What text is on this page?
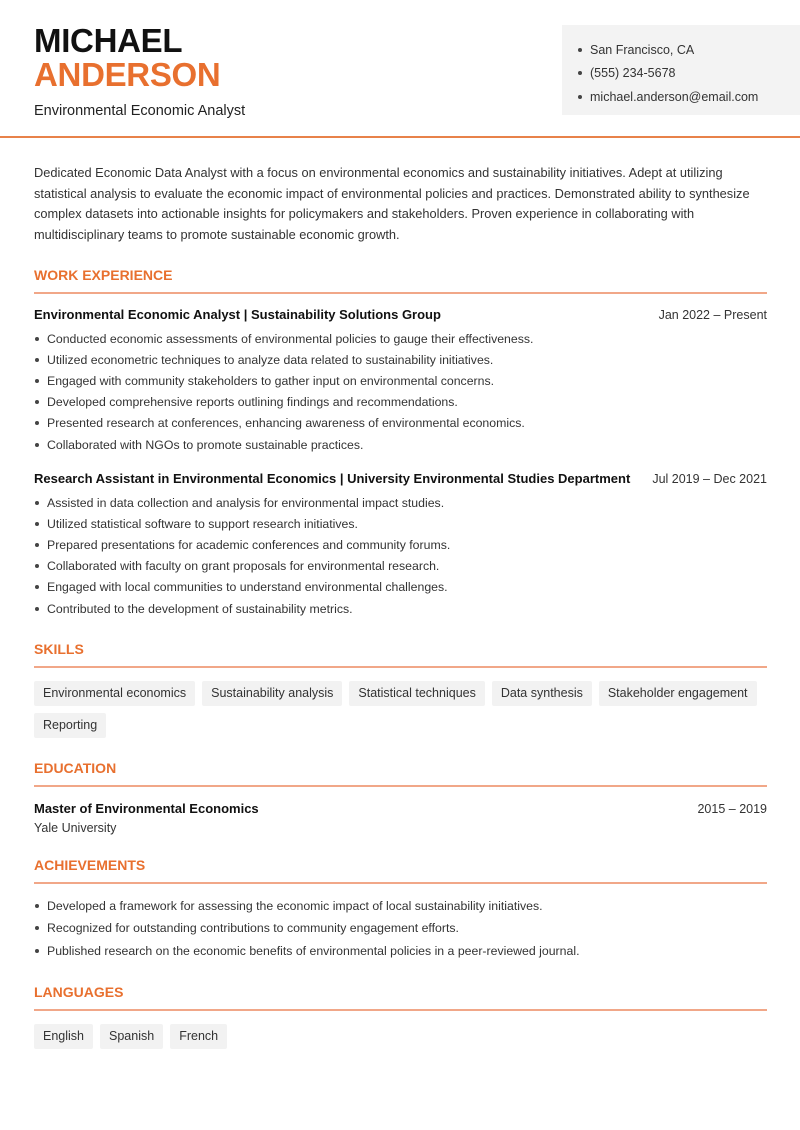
MICHAEL
ANDERSON
Environmental Economic Analyst
San Francisco, CA
(555) 234-5678
michael.anderson@email.com

Dedicated Economic Data Analyst with a focus on environmental economics and sustainability initiatives. Adept at utilizing statistical analysis to evaluate the economic impact of environmental policies and practices. Demonstrated ability to synthesize complex datasets into actionable insights for policymakers and stakeholders. Proven experience in collaborating with multidisciplinary teams to promote sustainable economic growth.

WORK EXPERIENCE
Environmental Economic Analyst | Sustainability Solutions Group	Jan 2022 – Present
Conducted economic assessments of environmental policies to gauge their effectiveness.
Utilized econometric techniques to analyze data related to sustainability initiatives.
Engaged with community stakeholders to gather input on environmental concerns.
Developed comprehensive reports outlining findings and recommendations.
Presented research at conferences, enhancing awareness of environmental economics.
Collaborated with NGOs to promote sustainable practices.
Research Assistant in Environmental Economics | University Environmental Studies Department Jul 2019 – Dec 2021
Assisted in data collection and analysis for environmental impact studies.
Utilized statistical software to support research initiatives.
Prepared presentations for academic conferences and community forums.
Collaborated with faculty on grant proposals for environmental research.
Engaged with local communities to understand environmental challenges.
Contributed to the development of sustainability metrics.
SKILLS
Environmental economics	Sustainability analysis	Statistical techniques	Data synthesis	Stakeholder engagement
Reporting
EDUCATION
Master of Environmental Economics	2015 – 2019
Yale University
ACHIEVEMENTS
Developed a framework for assessing the economic impact of local sustainability initiatives.
Recognized for outstanding contributions to community engagement efforts.
Published research on the economic benefits of environmental policies in a peer-reviewed journal.
LANGUAGES
English	Spanish	French
